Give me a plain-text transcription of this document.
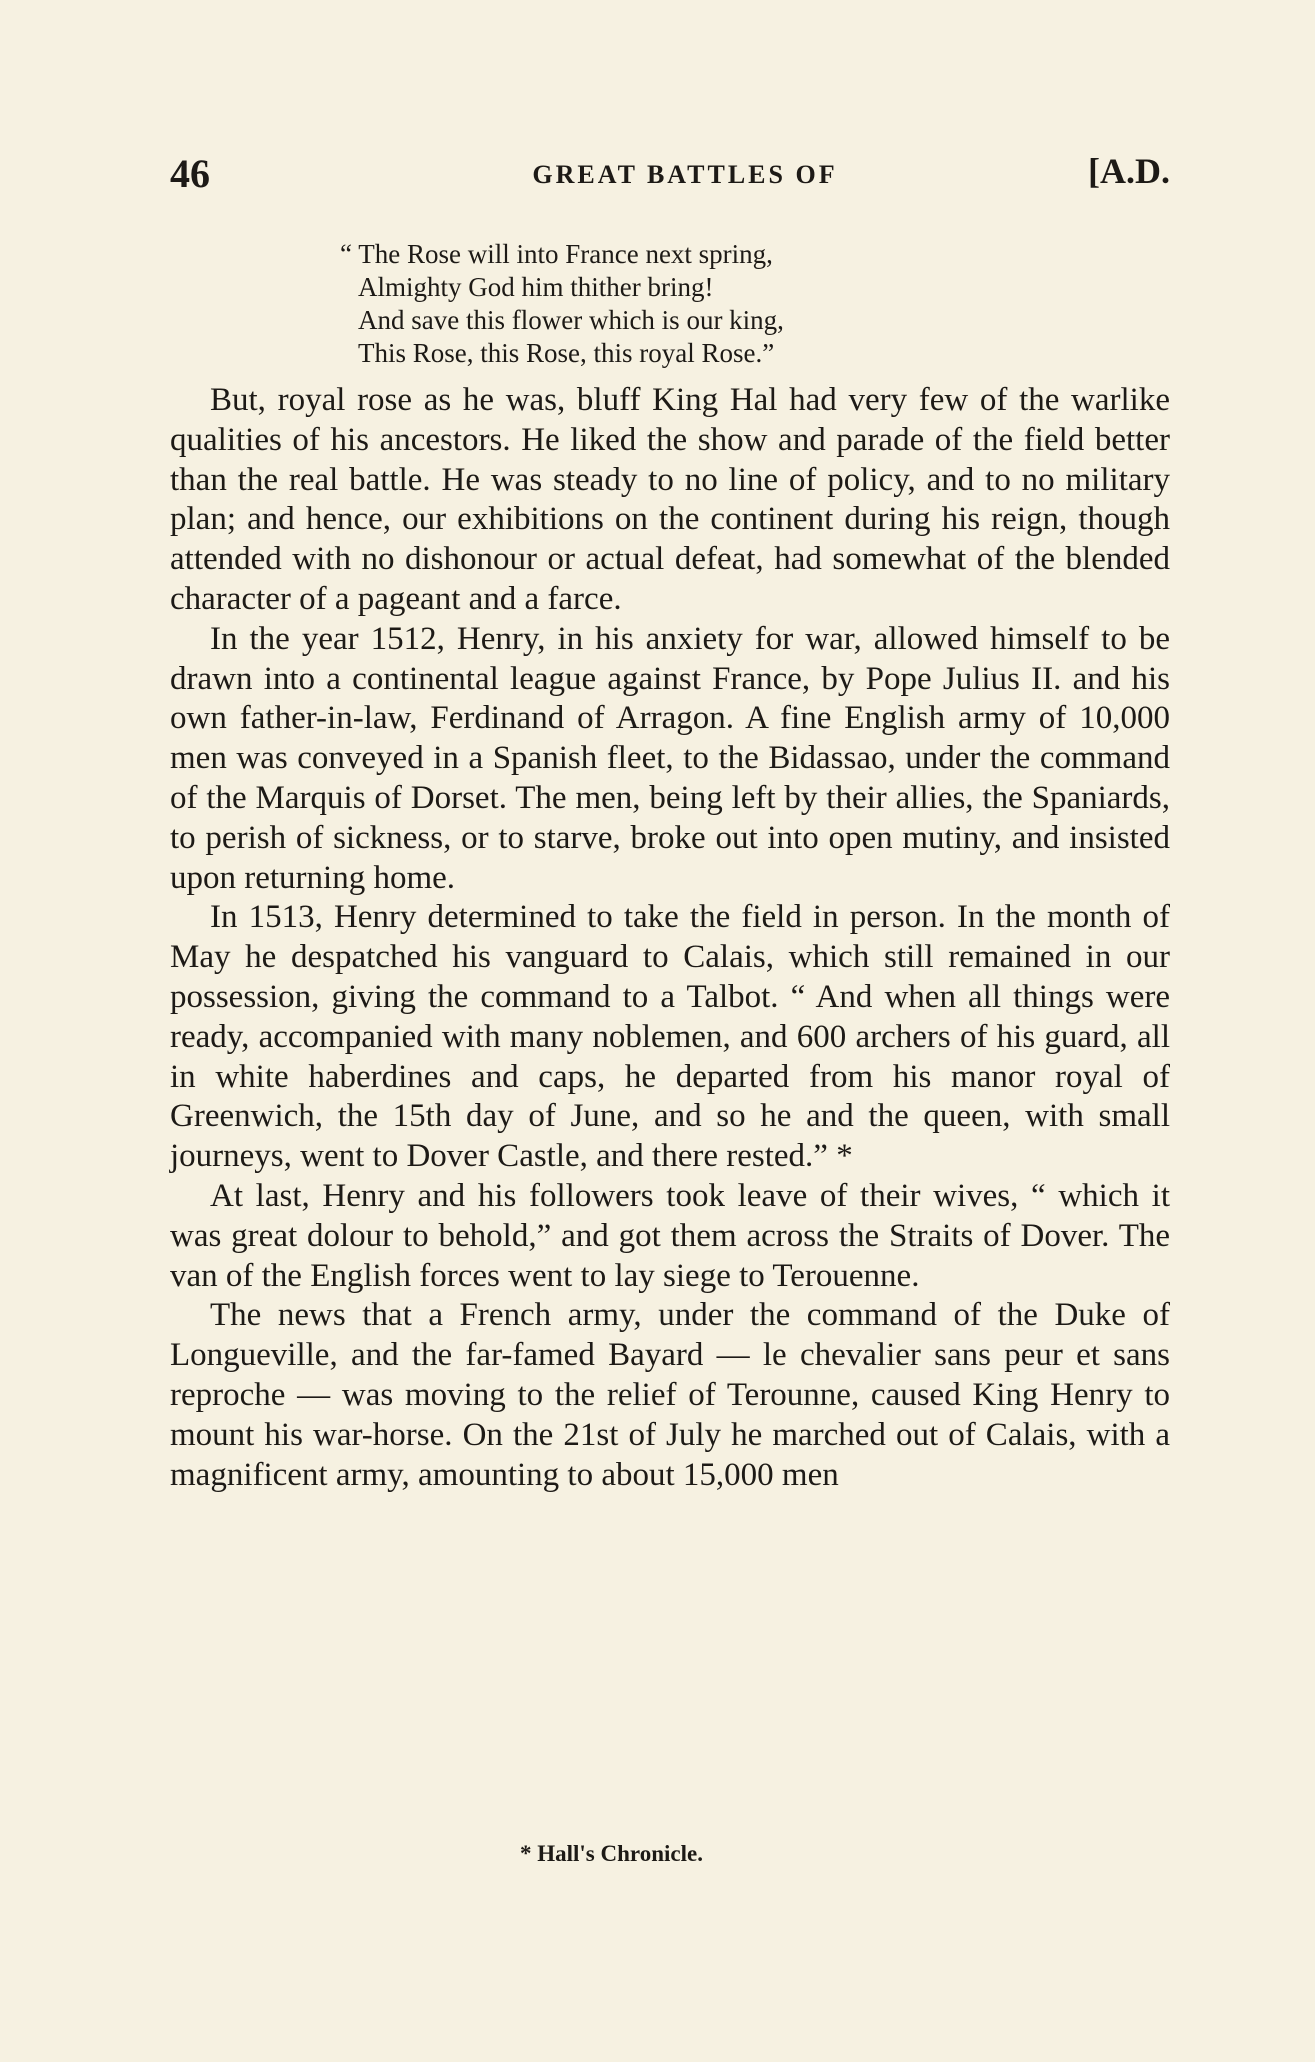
46	GREAT BATTLES OF	[A.D.
“ The Rose will into France next spring,
Almighty God him thither bring!
And save this flower which is our king,
This Rose, this Rose, this royal Rose.”

But, royal rose as he was, bluff King Hal had very few of the warlike qualities of his ancestors. He liked the show and parade of the field better than the real battle. He was steady to no line of policy, and to no military plan; and hence, our exhibitions on the continent during his reign, though attended with no dishonour or actual defeat, had somewhat of the blended character of a pageant and a farce.

In the year 1512, Henry, in his anxiety for war, allowed himself to be drawn into a continental league against France, by Pope Julius II. and his own father-in-law, Ferdinand of Arragon. A fine English army of 10,000 men was conveyed in a Spanish fleet, to the Bidassao, under the command of the Marquis of Dorset. The men, being left by their allies, the Spaniards, to perish of sickness, or to starve, broke out into open mutiny, and insisted upon returning home.

In 1513, Henry determined to take the field in person. In the month of May he despatched his vanguard to Calais, which still remained in our possession, giving the command to a Talbot. “ And when all things were ready, accompanied with many noblemen, and 600 archers of his guard, all in white haberdines and caps, he departed from his manor royal of Greenwich, the 15th day of June, and so he and the queen, with small journeys, went to Dover Castle, and there rested.” *

At last, Henry and his followers took leave of their wives, “ which it was great dolour to behold,” and got them across the Straits of Dover. The van of the English forces went to lay siege to Terouenne.

The news that a French army, under the command of the Duke of Longueville, and the far-famed Bayard — le chevalier sans peur et sans reproche — was moving to the relief of Terounne, caused King Henry to mount his war-horse. On the 21st of July he marched out of Calais, with a magnificent army, amounting to about 15,000 men

* Hall's Chronicle.
